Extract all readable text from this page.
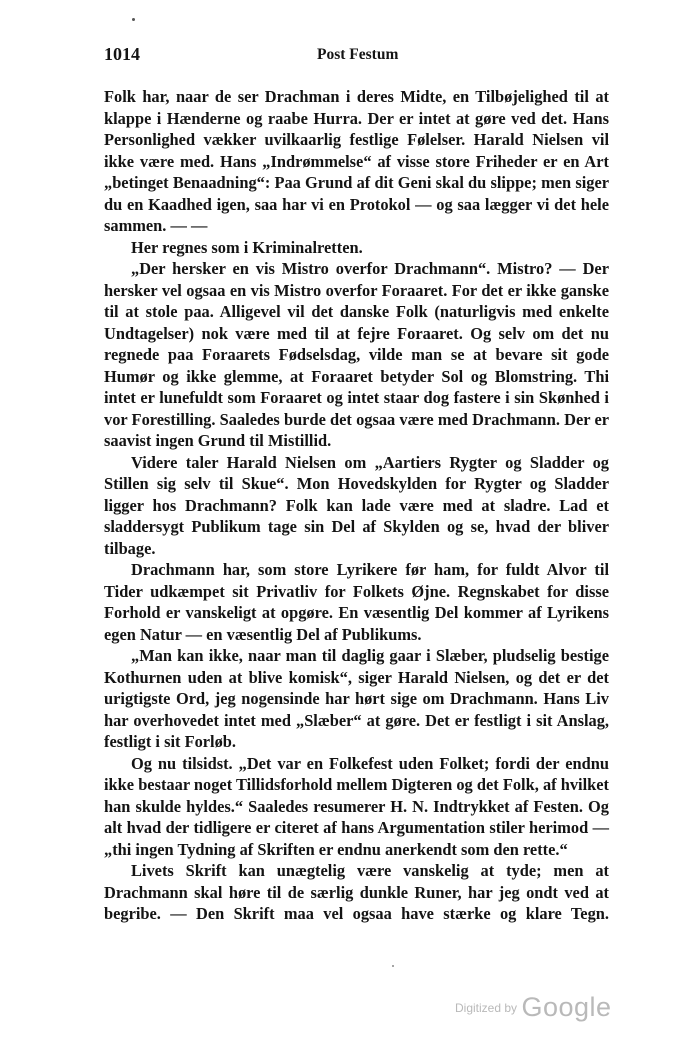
1014	Post Festum

Folk har, naar de ser Drachman i deres Midte, en Tilbøjelighed til at klappe i Hænderne og raabe Hurra. Der er intet at gøre ved det. Hans Personlighed vækker uvilkaarlig festlige Følelser. Harald Nielsen vil ikke være med. Hans „Indrømmelse“ af visse store Friheder er en Art „betinget Benaadning“: Paa Grund af dit Geni skal du slippe; men siger du en Kaadhed igen, saa har vi en Protokol — og saa lægger vi det hele sammen. — —

Her regnes som i Kriminalretten.

„Der hersker en vis Mistro overfor Drachmann“. Mistro? — Der hersker vel ogsaa en vis Mistro overfor Foraaret. For det er ikke ganske til at stole paa. Alligevel vil det danske Folk (naturligvis med enkelte Undtagelser) nok være med til at fejre Foraaret. Og selv om det nu regnede paa Foraarets Fødselsdag, vilde man se at bevare sit gode Humør og ikke glemme, at Foraaret betyder Sol og Blomstring. Thi intet er lunefuldt som Foraaret og intet staar dog fastere i sin Skønhed i vor Forestilling. Saaledes burde det ogsaa være med Drachmann. Der er saavist ingen Grund til Mistillid.

Videre taler Harald Nielsen om „Aartiers Rygter og Sladder og Stillen sig selv til Skue“. Mon Hovedskylden for Rygter og Sladder ligger hos Drachmann? Folk kan lade være med at sladre. Lad et sladdersygt Publikum tage sin Del af Skylden og se, hvad der bliver tilbage.

Drachmann har, som store Lyrikere før ham, for fuldt Alvor til Tider udkæmpet sit Privatliv for Folkets Øjne. Regnskabet for disse Forhold er vanskeligt at opgøre. En væsentlig Del kommer af Lyrikens egen Natur — en væsentlig Del af Publikums.

„Man kan ikke, naar man til daglig gaar i Slæber, pludselig bestige Kothurnen uden at blive komisk“, siger Harald Nielsen, og det er det urigtigste Ord, jeg nogensinde har hørt sige om Drachmann. Hans Liv har overhovedet intet med „Slæber“ at gøre. Det er festligt i sit Anslag, festligt i sit Forløb.

Og nu tilsidst. „Det var en Folkefest uden Folket; fordi der endnu ikke bestaar noget Tillidsforhold mellem Digteren og det Folk, af hvilket han skulde hyldes.“ Saaledes resumerer H. N. Indtrykket af Festen. Og alt hvad der tidligere er citeret af hans Argumentation stiler herimod — „thi ingen Tydning af Skriften er endnu anerkendt som den rette.“

Livets Skrift kan unægtelig være vanskelig at tyde; men at Drachmann skal høre til de særlig dunkle Runer, har jeg ondt ved at begribe. — Den Skrift maa vel ogsaa have stærke og klare Tegn.

$^{Digitized by}$ Google
